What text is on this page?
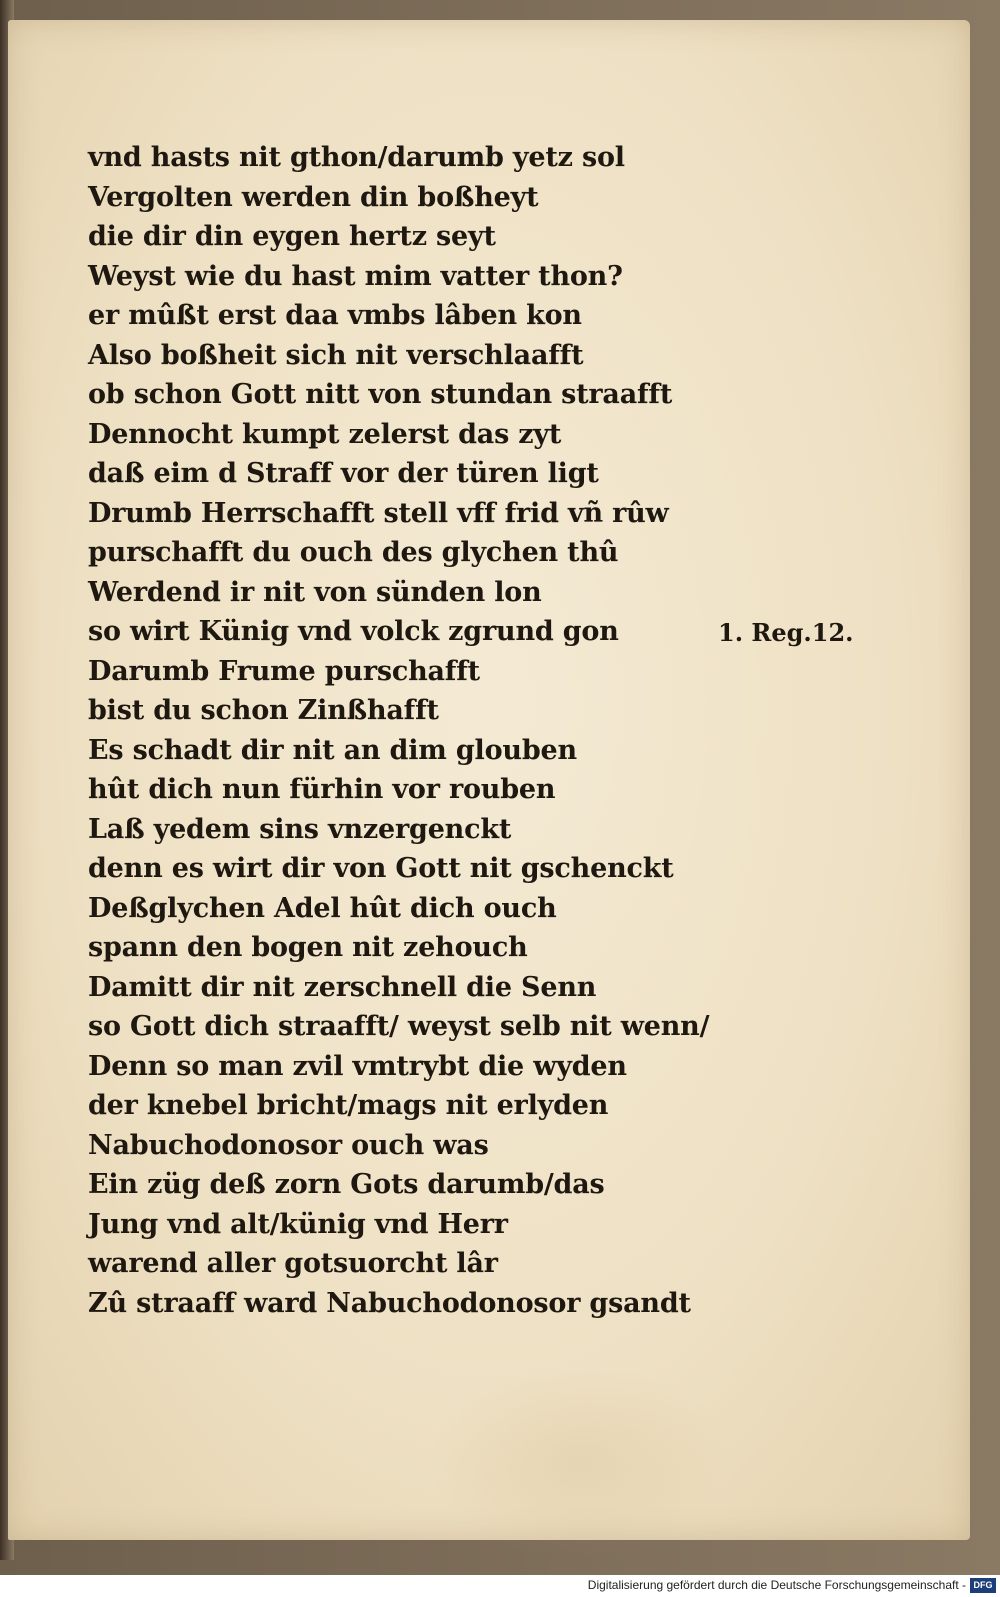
vnd hasts nit gthon/darumb yetz sol
Vergolten werden din boßheyt
die dir din eygen hertz seyt
Weyst wie du hast mim vatter thon?
er mûßt erst daa vmbs lâben kon
Also boßheit sich nit verschlaafft
ob schon Gott nitt von stundan straafft
Dennocht kumpt zelerst das zyt
daß eim d Straff vor der türen ligt
Drumb Herrschafft stell vff frid vñ rûw
purschafft du ouch des glychen thû
Werdend ir nit von sünden lon
so wirt Künig vnd volck zgrund gon
Darumb Frume purschafft
bist du schon Zinßhafft
Es schadt dir nit an dim glouben
hût dich nun fürhin vor rouben
Laß yedem sins vnzergenckt
denn es wirt dir von Gott nit gschenckt
Deßglychen Adel hût dich ouch
spann den bogen nit zehouch
Damitt dir nit zerschnell die Senn
so Gott dich straafft/ weyst selb nit wenn/
Denn so man zvil vmtrybt die wyden
der knebel bricht/mags nit erlyden
Nabuchodonosor ouch was
Ein züg deß zorn Gots darumb/das
Jung vnd alt/künig vnd Herr
warend aller gotsuorcht lâr
Zû straaff ward Nabuchodonosor gsandt
1. Reg.12.
Digitalisierung gefördert durch die Deutsche Forschungsgemeinschaft - DFG
